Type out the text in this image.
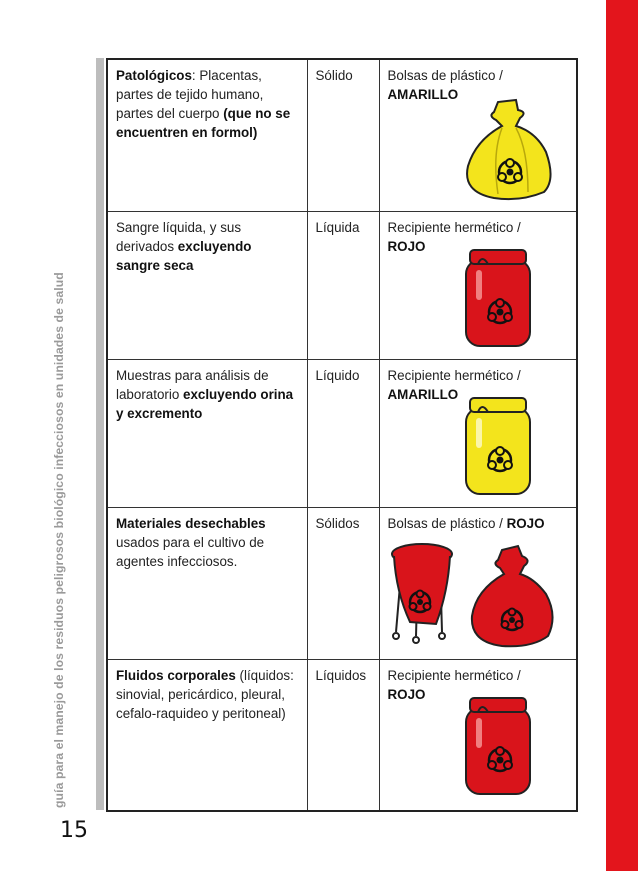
guía para el manejo de los residuos peligrosos biológico infecciosos en unidades de salud
15
Patológicos: Placentas, partes de tejido humano, partes del cuerpo (que no se encuentren en formol)	Sólido	Bolsas de plástico /
AMARILLO

Sangre líquida, y sus derivados excluyendo sangre seca	Líquida	Recipiente hermético /
ROJO

Muestras para análisis de laboratorio excluyendo orina y excremento	Líquido	Recipiente hermético /
AMARILLO

Materiales desechables usados para el cultivo de agentes infecciosos.	Sólidos	Bolsas de plástico / ROJO

Fluidos corporales (líquidos: sinovial, pericárdico, pleural, cefalo-raquideo y peritoneal)	Líquidos	Recipiente hermético /
ROJO
